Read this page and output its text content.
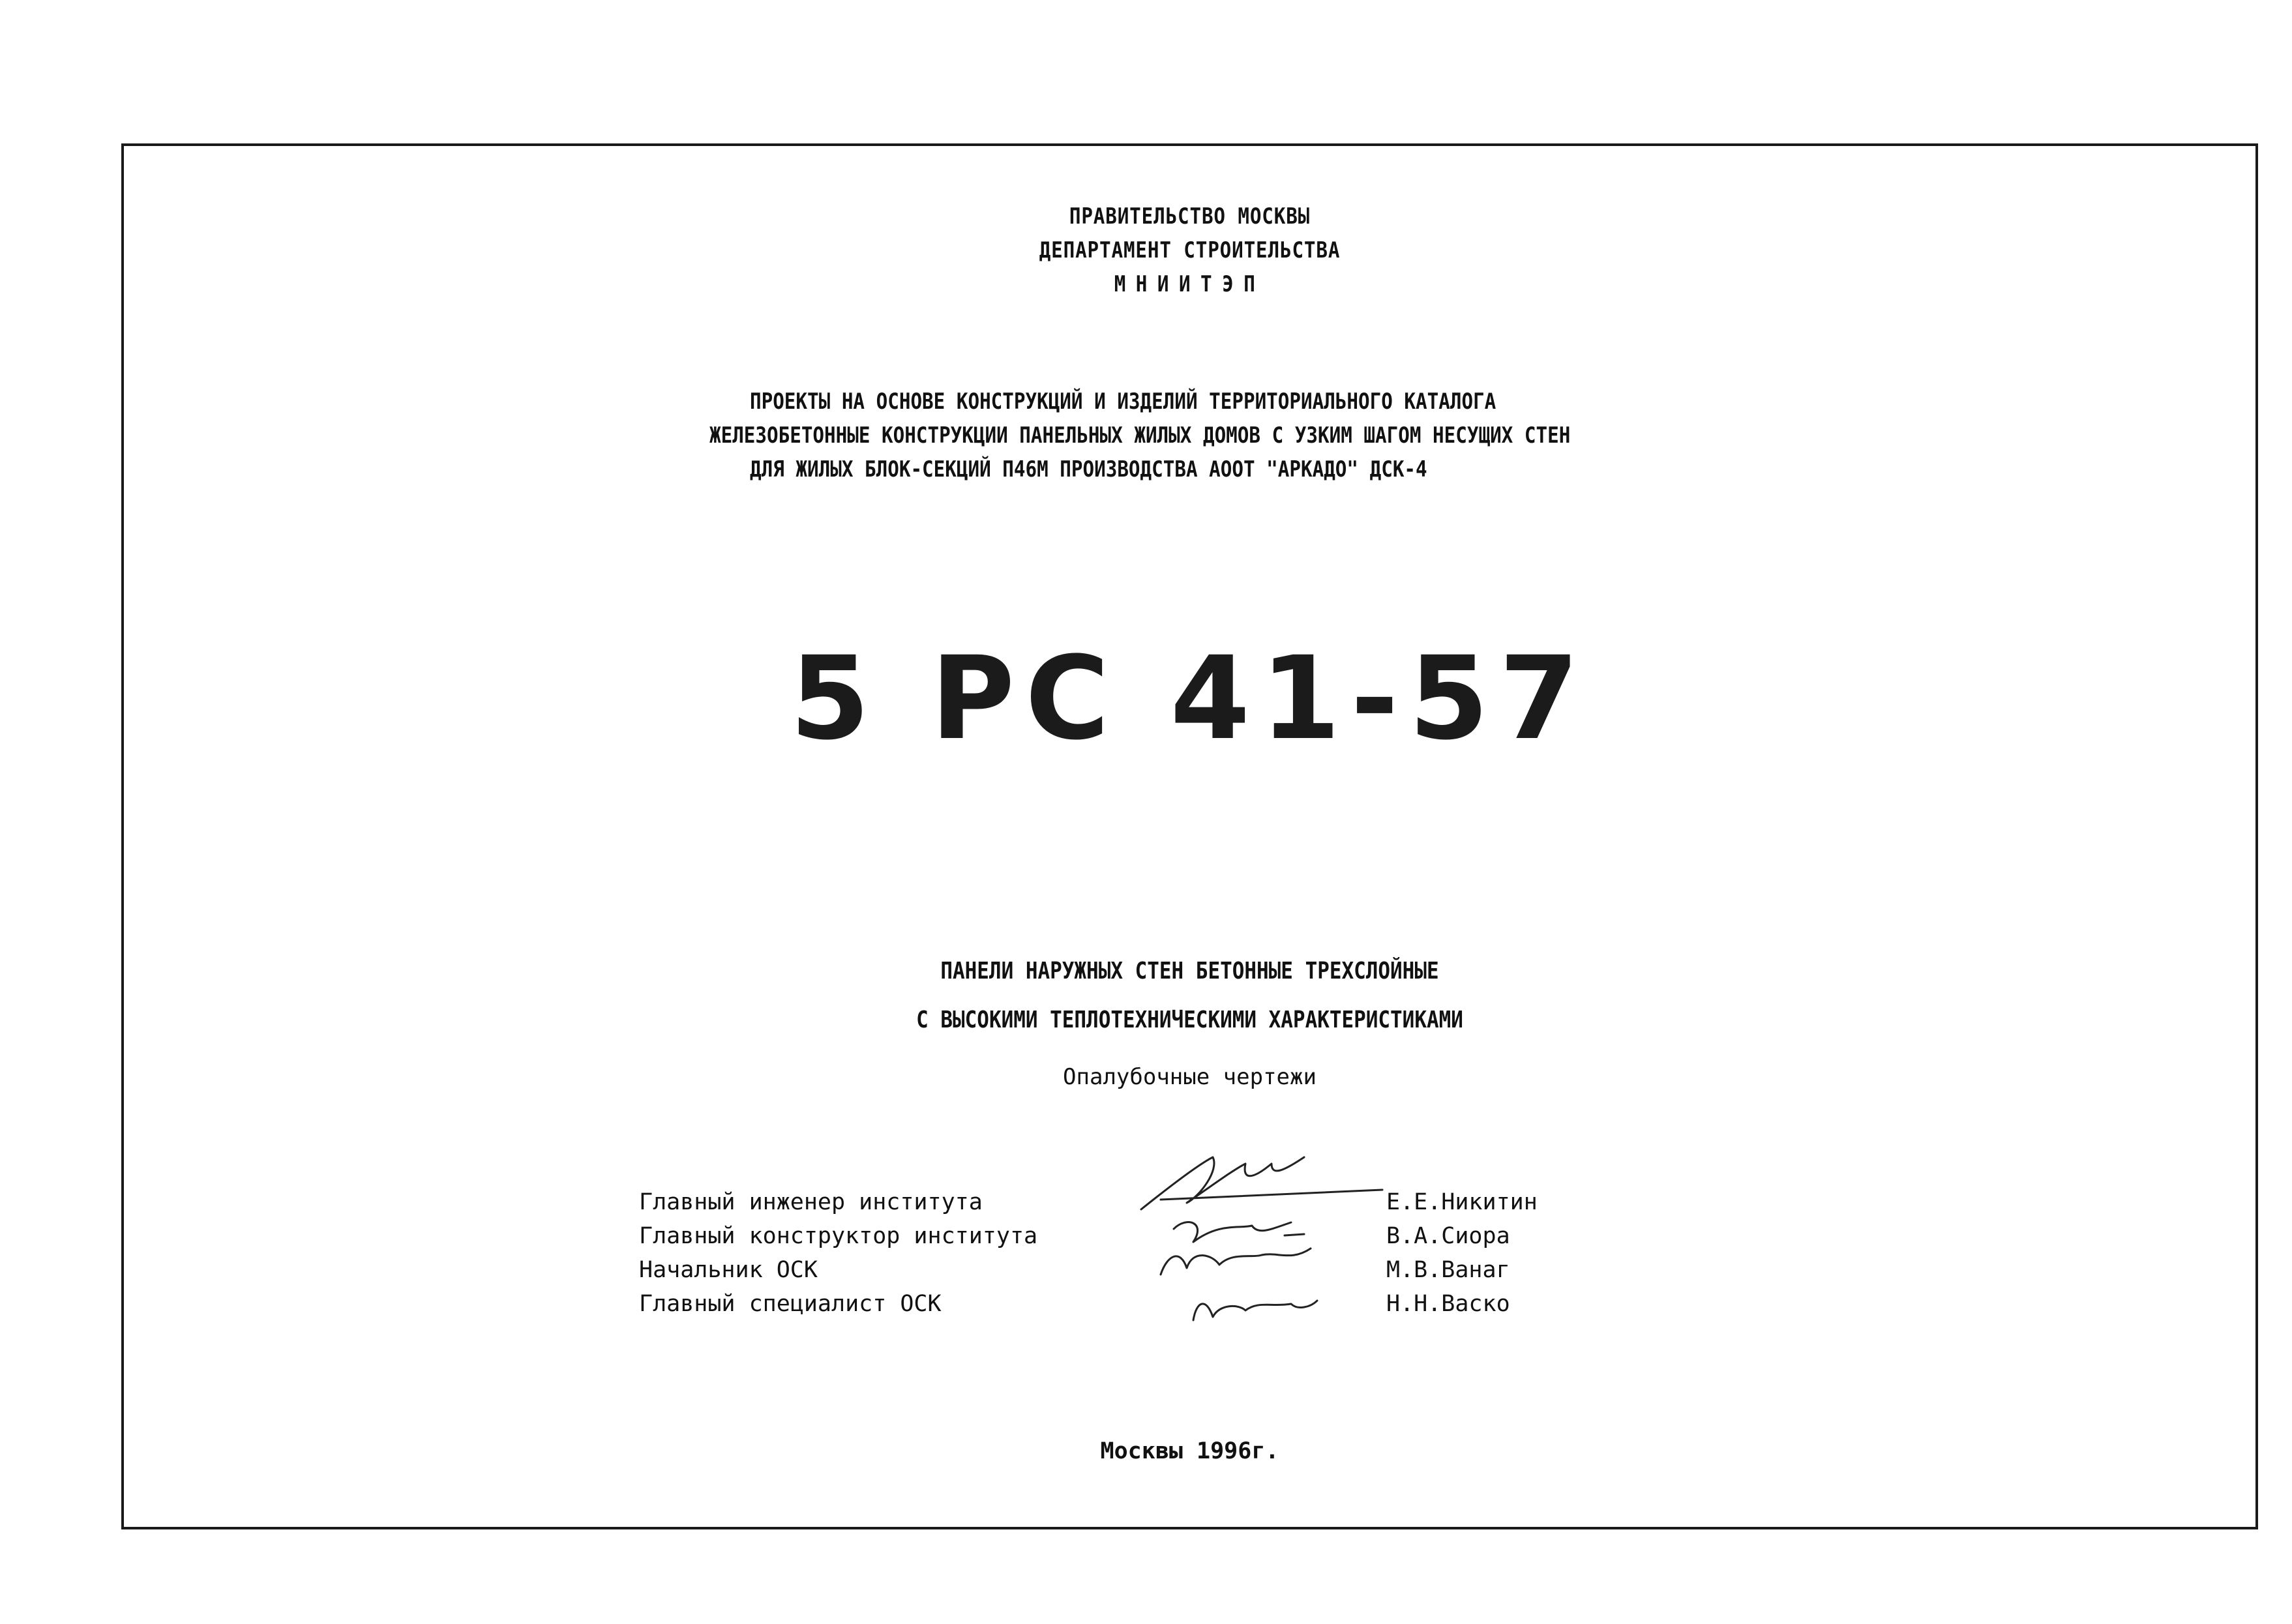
ПРАВИТЕЛЬСТВО МОСКВЫ
ДЕПАРТАМЕНТ СТРОИТЕЛЬСТВА
МНИИТЭП
ПРОЕКТЫ НА ОСНОВЕ КОНСТРУКЦИЙ И ИЗДЕЛИЙ ТЕРРИТОРИАЛЬНОГО КАТАЛОГА
ЖЕЛЕЗОБЕТОННЫЕ КОНСТРУКЦИИ ПАНЕЛЬНЫХ ЖИЛЫХ ДОМОВ С УЗКИМ ШАГОМ НЕСУЩИХ СТЕН
ДЛЯ ЖИЛЫХ БЛОК-СЕКЦИЙ П46М ПРОИЗВОДСТВА АООТ "АРКАДО" ДСК-4
5 РС 41-57
ПАНЕЛИ НАРУЖНЫХ СТЕН БЕТОННЫЕ ТРЕХСЛОЙНЫЕ
С ВЫСОКИМИ ТЕПЛОТЕХНИЧЕСКИМИ ХАРАКТЕРИСТИКАМИ
Опалубочные чертежи
Москвы 1996г.
Главный инженер института
Главный конструктор института
Начальник ОСК
Главный специалист ОСК
Е.Е.Никитин
В.А.Сиора
М.В.Ванаг
Н.Н.Васко
